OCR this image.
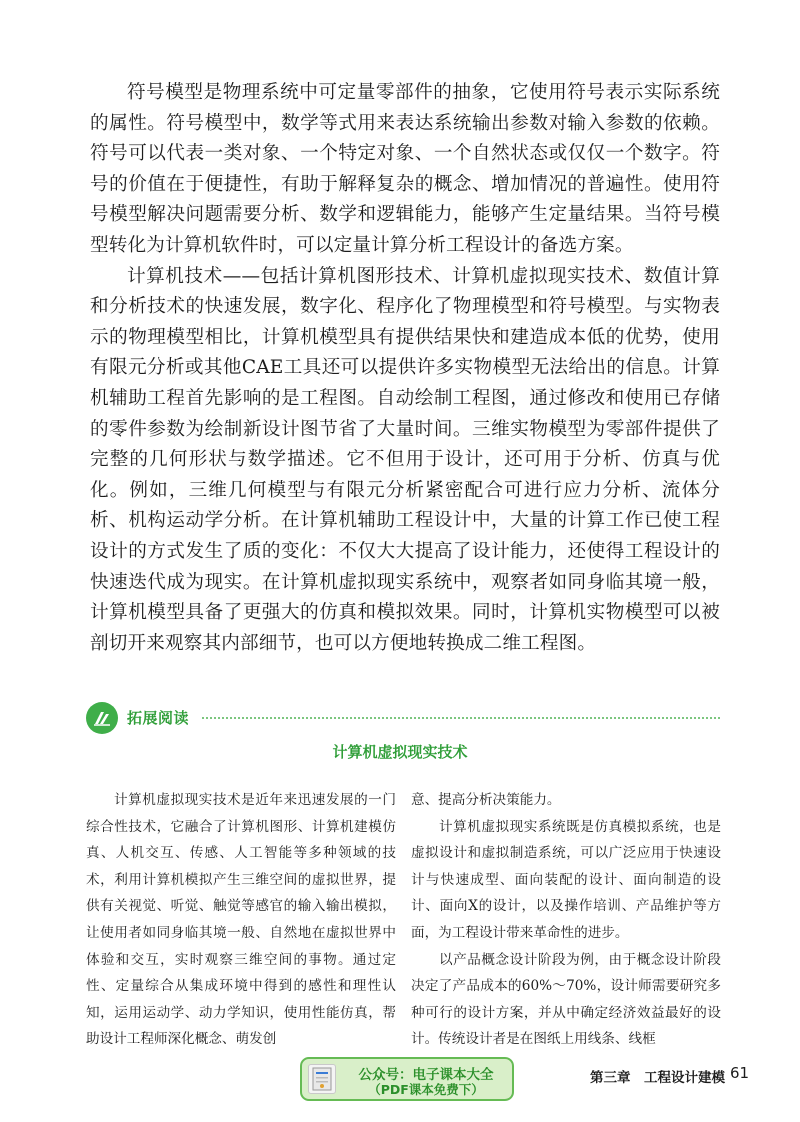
符号模型是物理系统中可定量零部件的抽象，它使用符号表示实际系统的属性。符号模型中，数学等式用来表达系统输出参数对输入参数的依赖。符号可以代表一类对象、一个特定对象、一个自然状态或仅仅一个数字。符号的价值在于便捷性，有助于解释复杂的概念、增加情况的普遍性。使用符号模型解决问题需要分析、数学和逻辑能力，能够产生定量结果。当符号模型转化为计算机软件时，可以定量计算分析工程设计的备选方案。

计算机技术——包括计算机图形技术、计算机虚拟现实技术、数值计算和分析技术的快速发展，数字化、程序化了物理模型和符号模型。与实物表示的物理模型相比，计算机模型具有提供结果快和建造成本低的优势，使用有限元分析或其他CAE工具还可以提供许多实物模型无法给出的信息。计算机辅助工程首先影响的是工程图。自动绘制工程图，通过修改和使用已存储的零件参数为绘制新设计图节省了大量时间。三维实物模型为零部件提供了完整的几何形状与数学描述。它不但用于设计，还可用于分析、仿真与优化。例如，三维几何模型与有限元分析紧密配合可进行应力分析、流体分析、机构运动学分析。在计算机辅助工程设计中，大量的计算工作已使工程设计的方式发生了质的变化：不仅大大提高了设计能力，还使得工程设计的快速迭代成为现实。在计算机虚拟现实系统中，观察者如同身临其境一般，计算机模型具备了更强大的仿真和模拟效果。同时，计算机实物模型可以被剖切开来观察其内部细节，也可以方便地转换成二维工程图。

拓展阅读
计算机虚拟现实技术

计算机虚拟现实技术是近年来迅速发展的一门综合性技术，它融合了计算机图形、计算机建模仿真、人机交互、传感、人工智能等多种领域的技术，利用计算机模拟产生三维空间的虚拟世界，提供有关视觉、听觉、触觉等感官的输入输出模拟，让使用者如同身临其境一般、自然地在虚拟世界中体验和交互，实时观察三维空间的事物。通过定性、定量综合从集成环境中得到的感性和理性认知，运用运动学、动力学知识，使用性能仿真，帮助设计工程师深化概念、萌发创

意、提高分析决策能力。

计算机虚拟现实系统既是仿真模拟系统，也是虚拟设计和虚拟制造系统，可以广泛应用于快速设计与快速成型、面向装配的设计、面向制造的设计、面向X的设计，以及操作培训、产品维护等方面，为工程设计带来革命性的进步。

以产品概念设计阶段为例，由于概念设计阶段决定了产品成本的60%～70%，设计师需要研究多种可行的设计方案，并从中确定经济效益最好的设计。传统设计者是在图纸上用线条、线框

公众号：电子课本大全
（PDF课本免费下）
第三章　工程设计建模 61
